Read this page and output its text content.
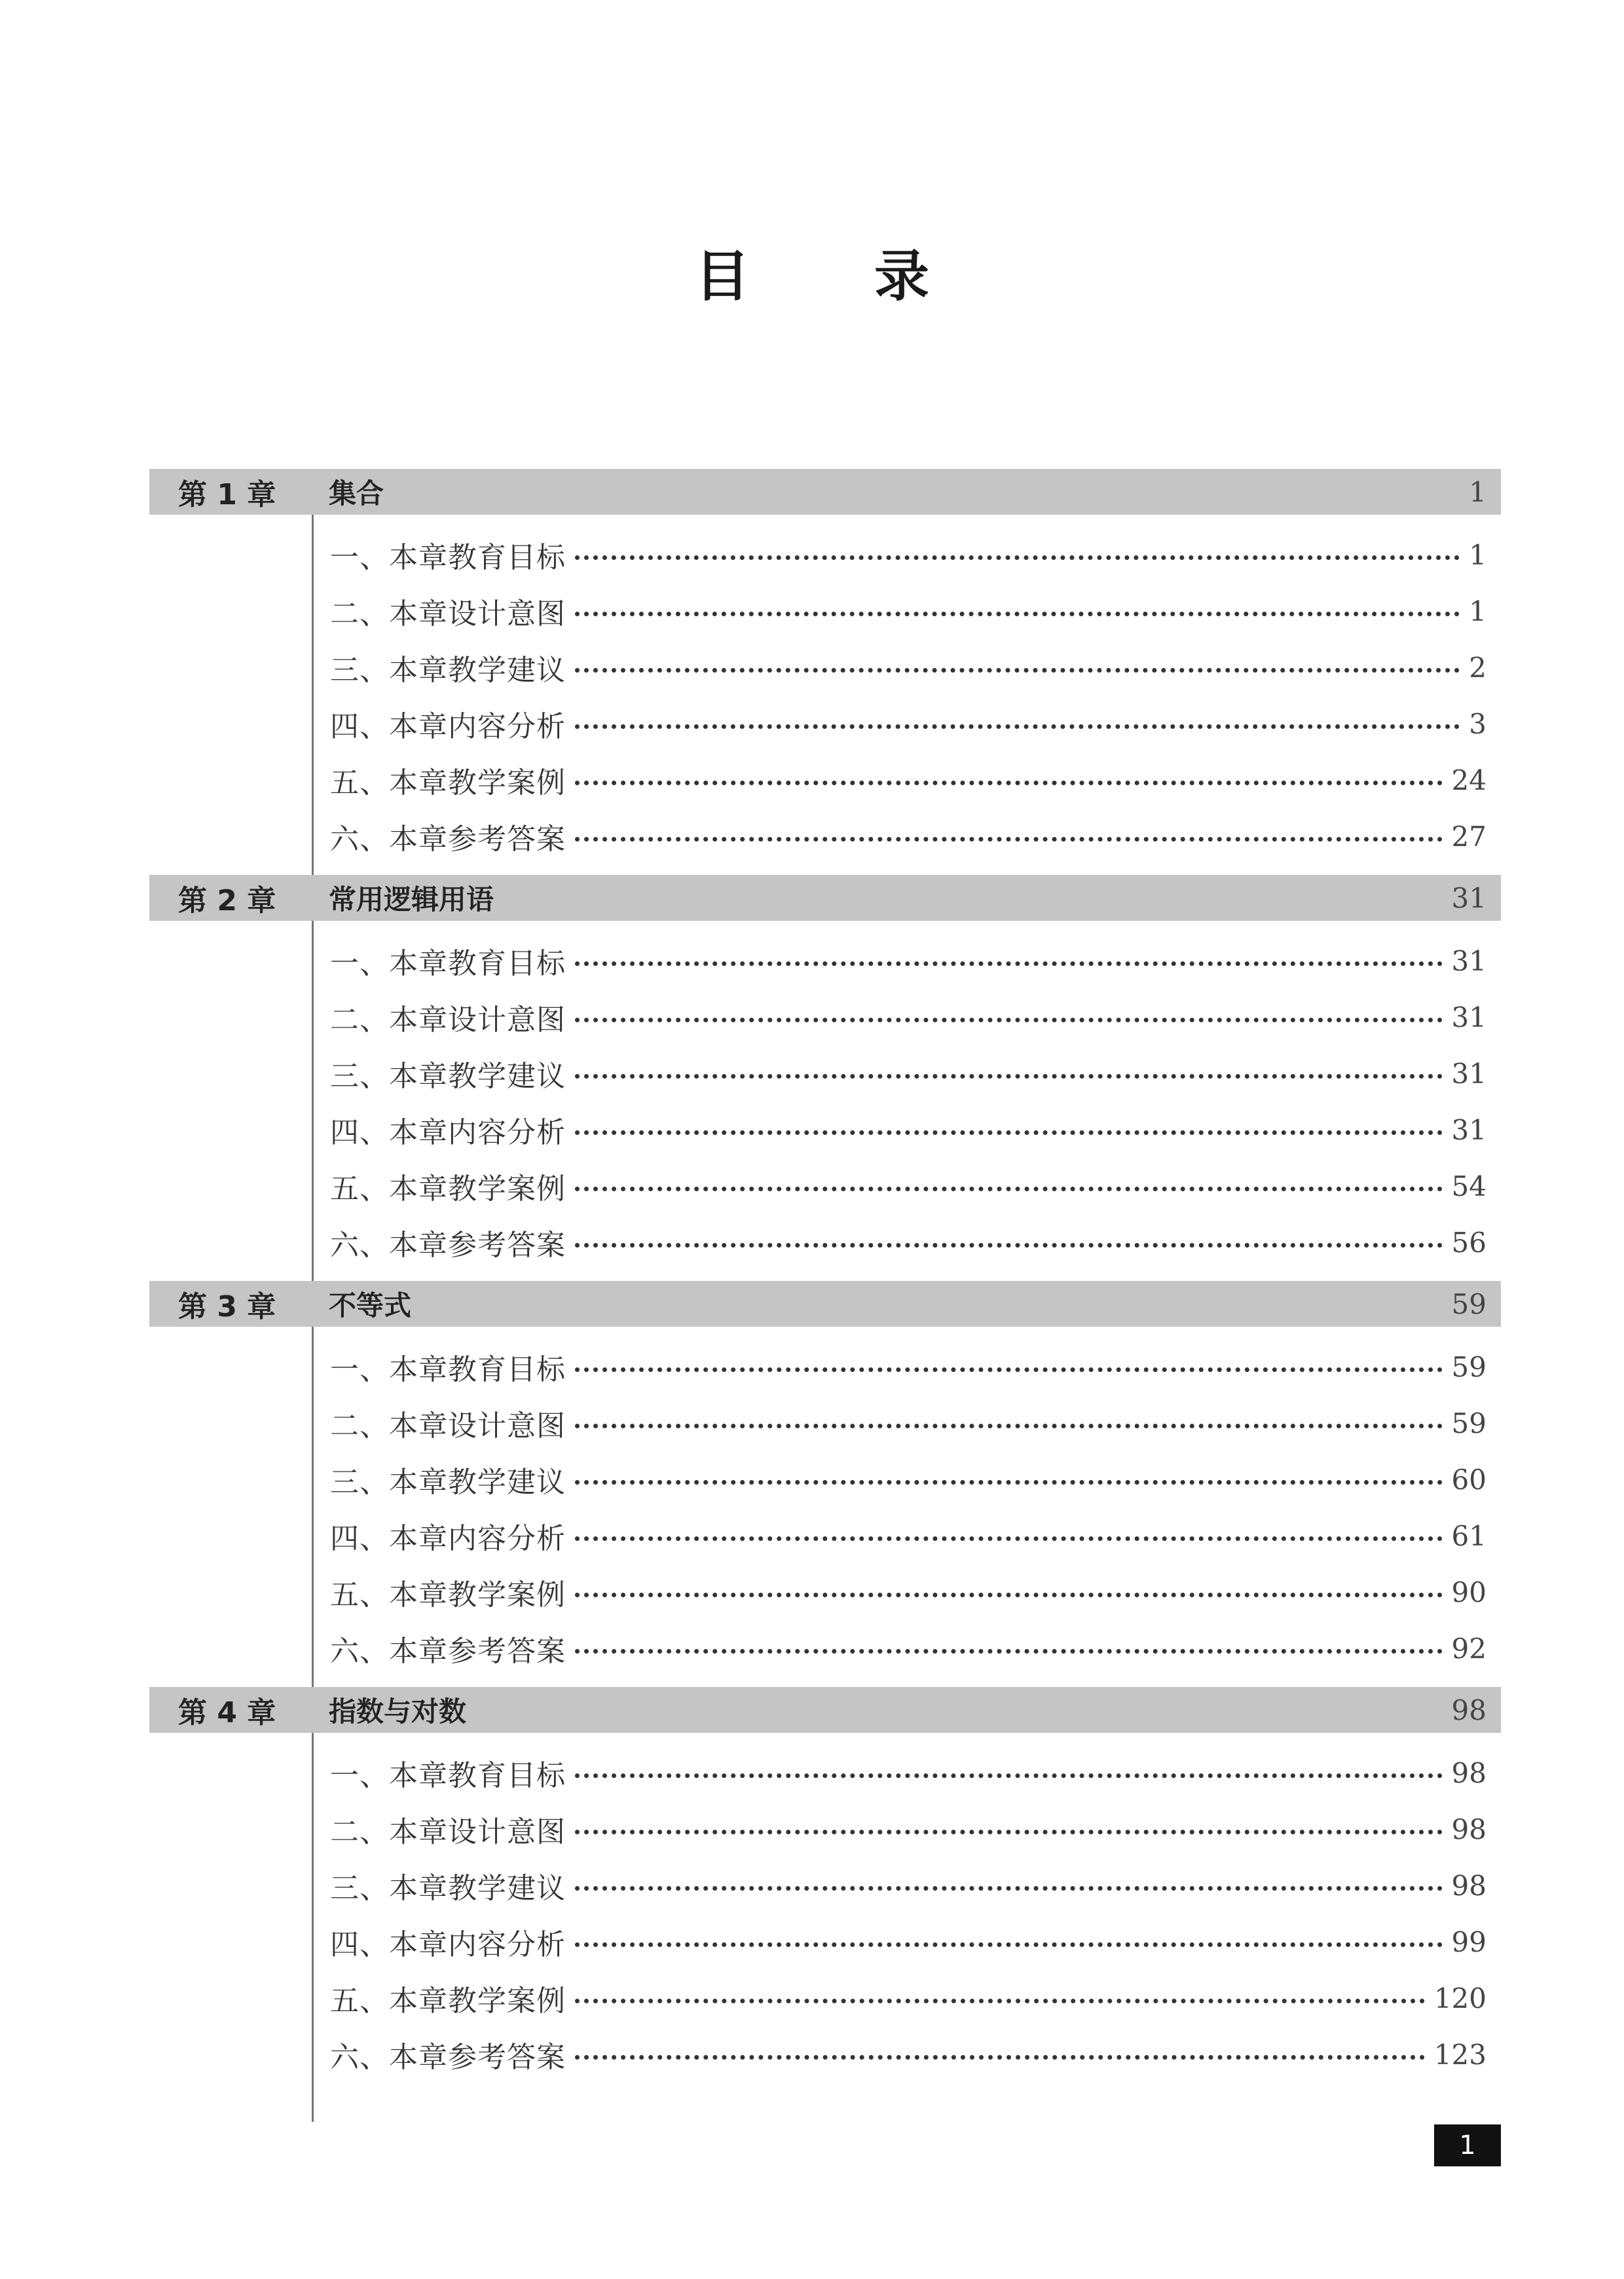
目录
第 1 章	集合	1
一、本章教育目标	1
二、本章设计意图	1
三、本章教学建议	2
四、本章内容分析	3
五、本章教学案例	24
六、本章参考答案	27
第 2 章	常用逻辑用语	31
一、本章教育目标	31
二、本章设计意图	31
三、本章教学建议	31
四、本章内容分析	31
五、本章教学案例	54
六、本章参考答案	56
第 3 章	不等式	59
一、本章教育目标	59
二、本章设计意图	59
三、本章教学建议	60
四、本章内容分析	61
五、本章教学案例	90
六、本章参考答案	92
第 4 章	指数与对数	98
一、本章教育目标	98
二、本章设计意图	98
三、本章教学建议	98
四、本章内容分析	99
五、本章教学案例	120
六、本章参考答案	123
1
